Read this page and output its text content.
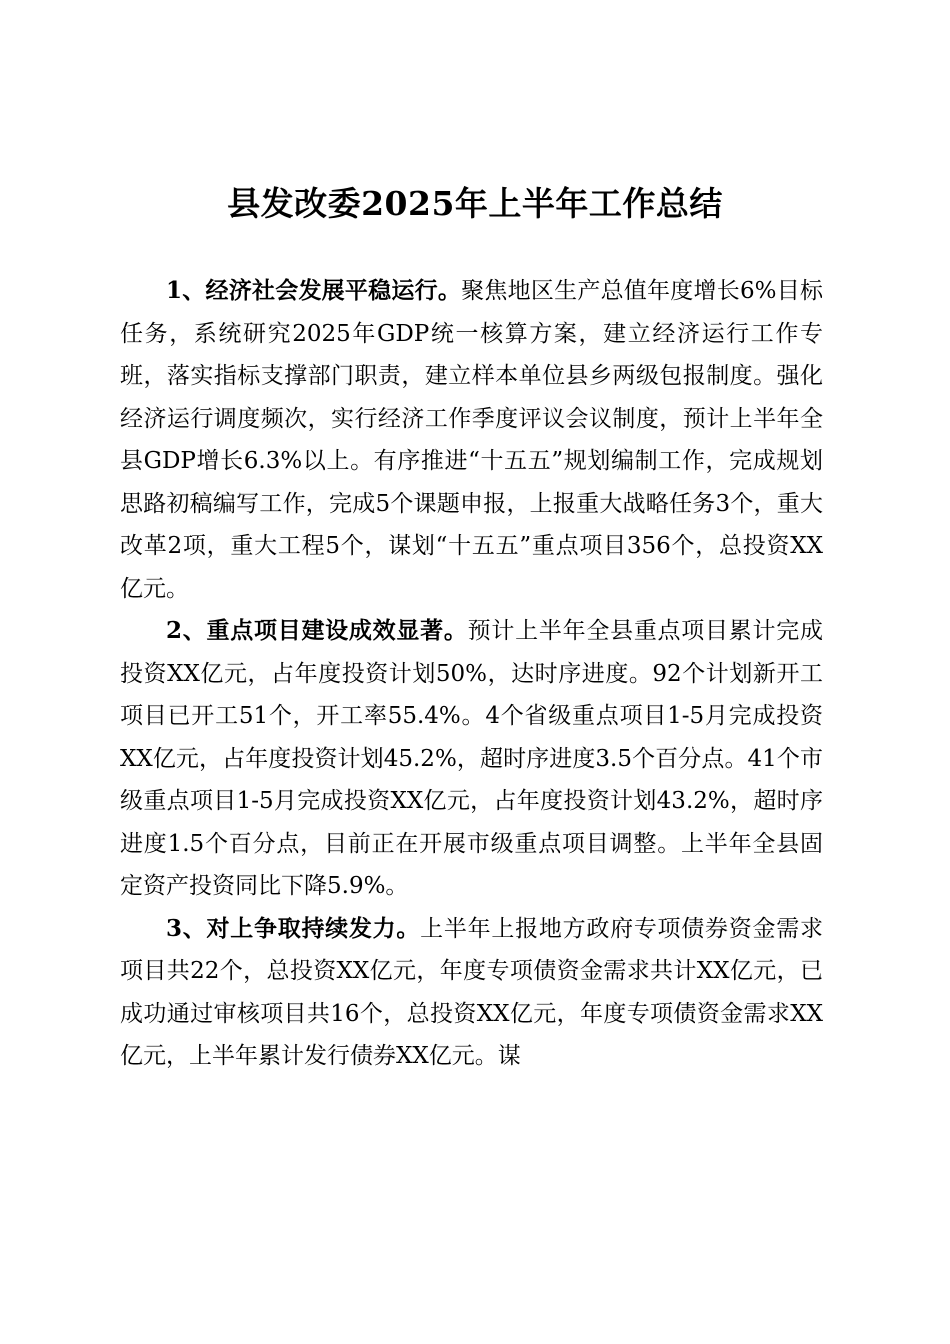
县发改委2025年上半年工作总结

1、经济社会发展平稳运行。聚焦地区生产总值年度增长6%目标任务，系统研究2025年GDP统一核算方案，建立经济运行工作专班，落实指标支撑部门职责，建立样本单位县乡两级包报制度。强化经济运行调度频次，实行经济工作季度评议会议制度，预计上半年全县GDP增长6.3%以上。有序推进“十五五”规划编制工作，完成规划思路初稿编写工作，完成5个课题申报，上报重大战略任务3个，重大改革2项，重大工程5个，谋划“十五五”重点项目356个，总投资XX亿元。

2、重点项目建设成效显著。预计上半年全县重点项目累计完成投资XX亿元，占年度投资计划50%，达时序进度。92个计划新开工项目已开工51个，开工率55.4%。4个省级重点项目1-5月完成投资XX亿元，占年度投资计划45.2%，超时序进度3.5个百分点。41个市级重点项目1-5月完成投资XX亿元，占年度投资计划43.2%，超时序进度1.5个百分点，目前正在开展市级重点项目调整。上半年全县固定资产投资同比下降5.9%。

3、对上争取持续发力。上半年上报地方政府专项债券资金需求项目共22个，总投资XX亿元，年度专项债资金需求共计XX亿元，已成功通过审核项目共16个，总投资XX亿元，年度专项债资金需求XX亿元，上半年累计发行债券XX亿元。谋
